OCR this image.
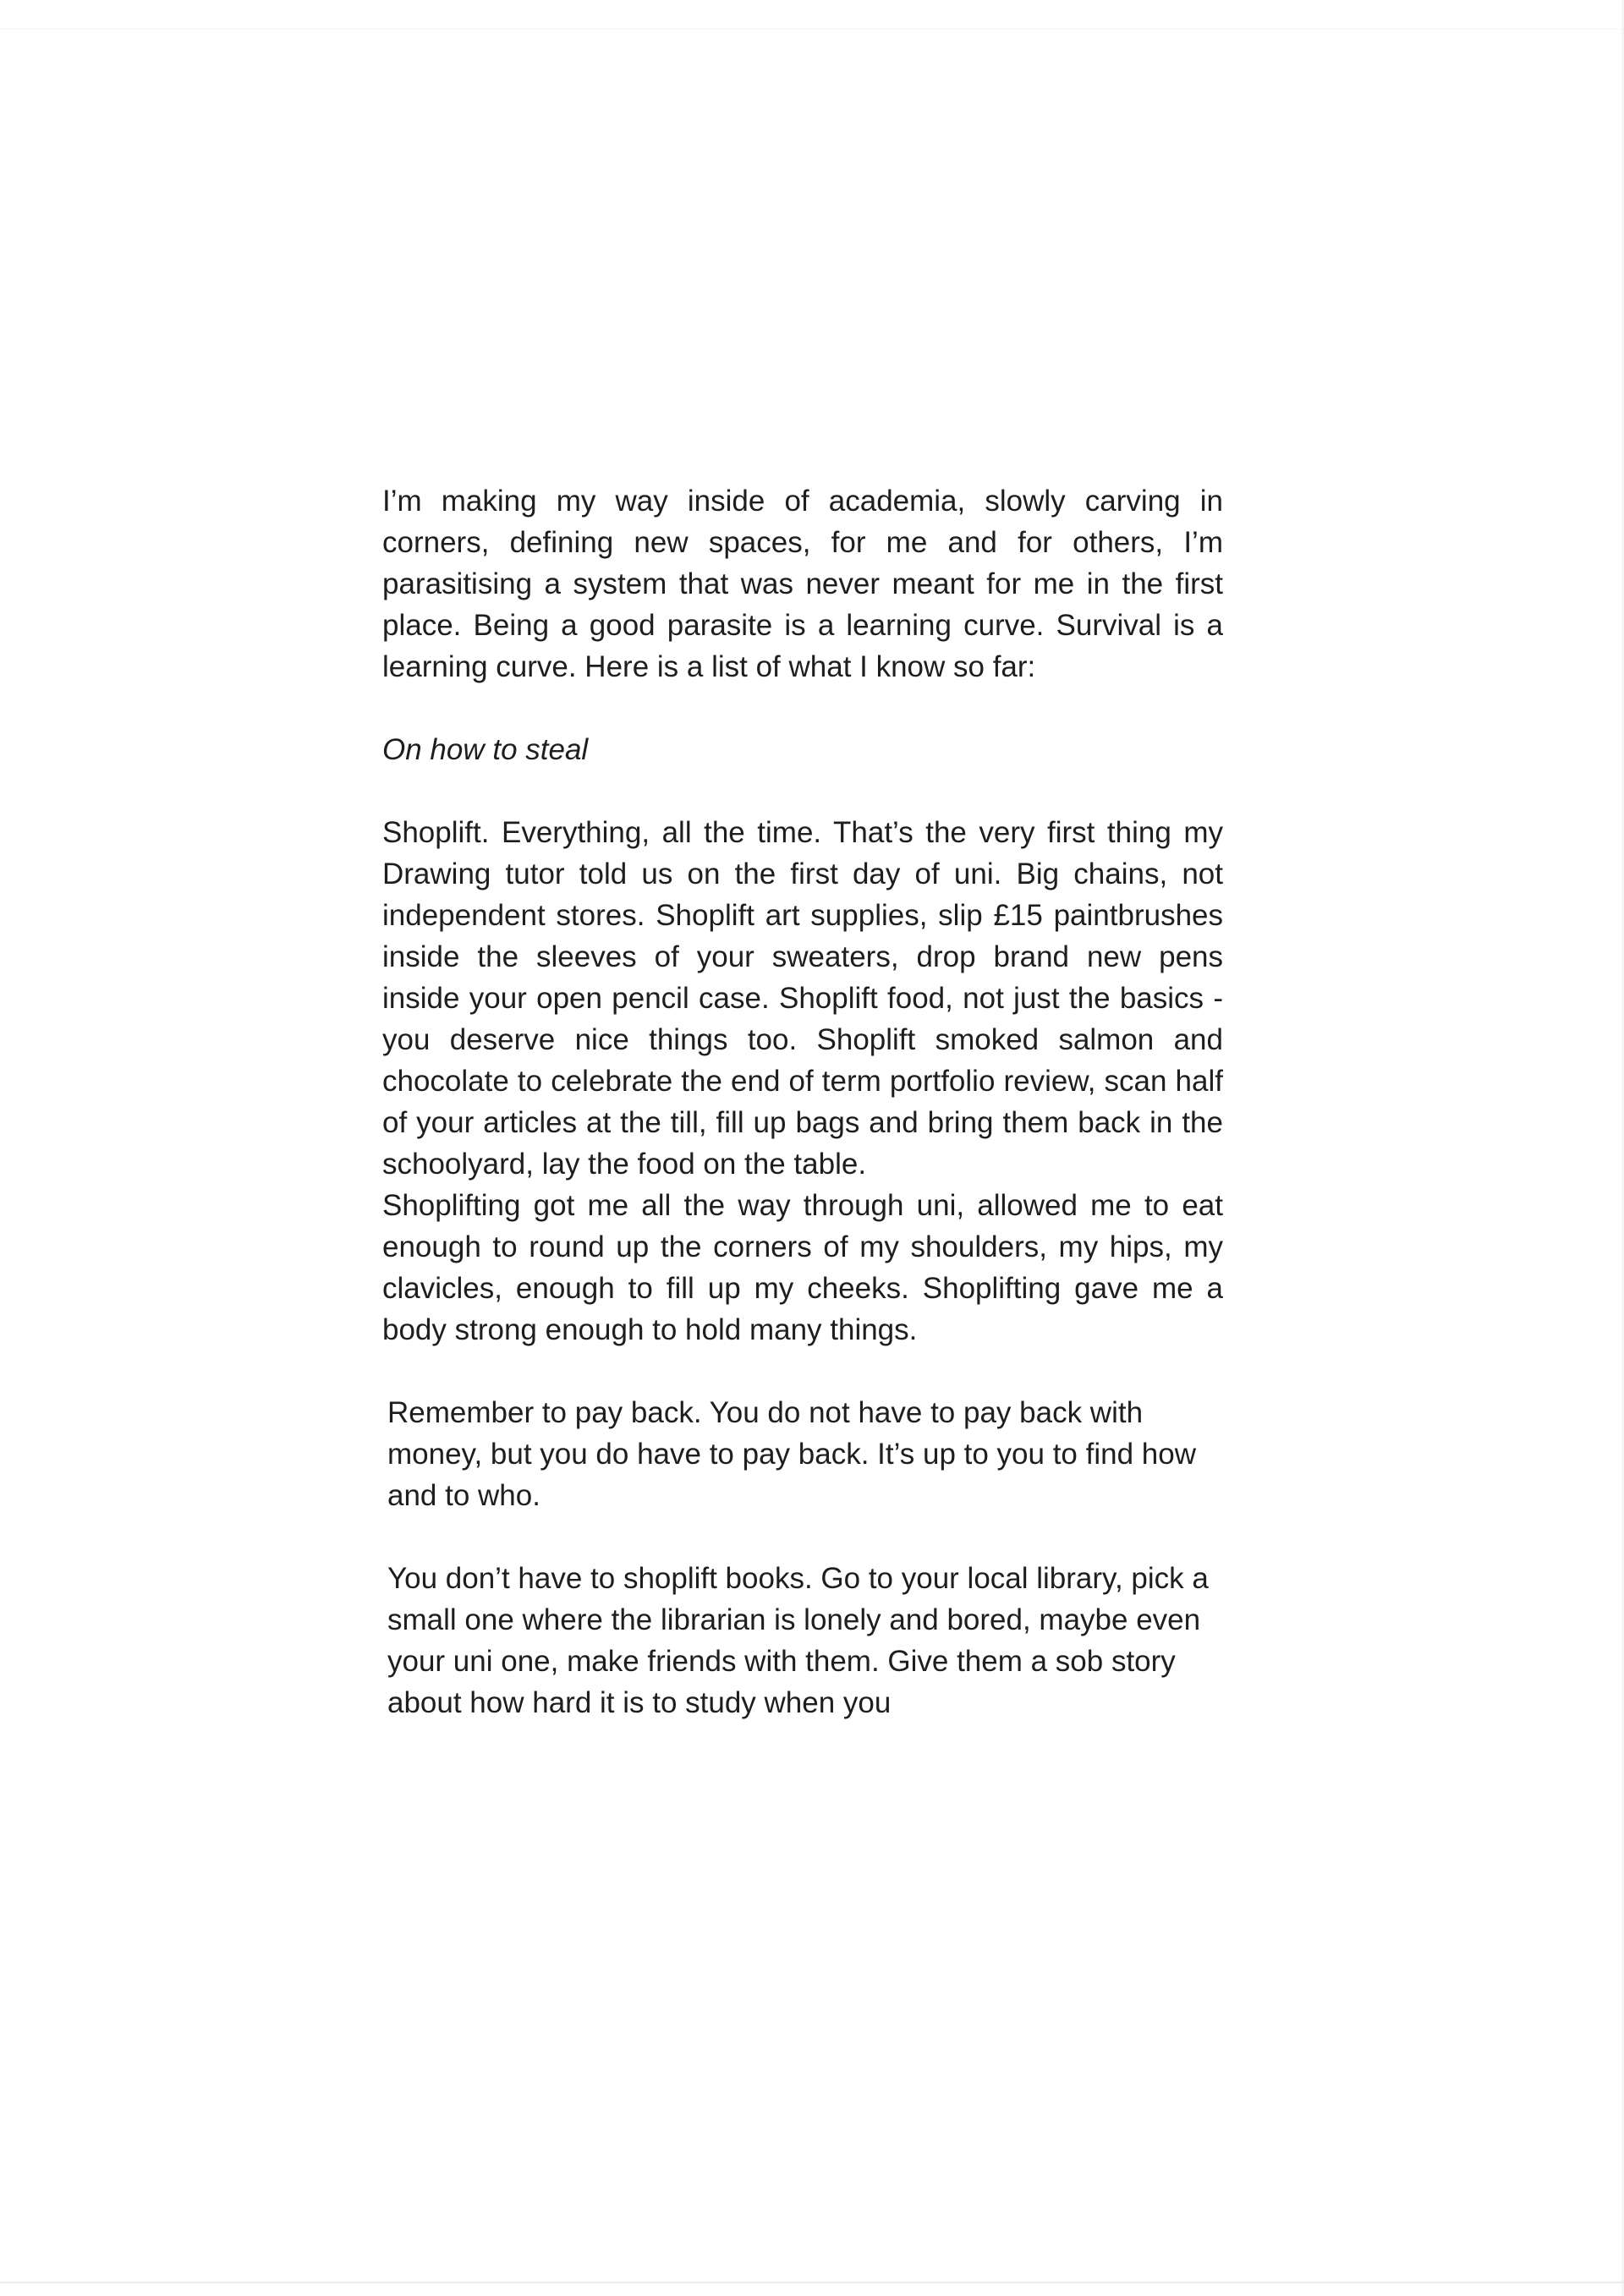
I’m making my way inside of academia, slowly carving in corners, defining new spaces, for me and for others, I’m parasitising a system that was never meant for me in the first place. Being a good parasite is a learning curve. Survival is a learning curve. Here is a list of what I know so far:

On how to steal

Shoplift. Everything, all the time. That’s the very first thing my Drawing tutor told us on the first day of uni. Big chains, not independent stores. Shoplift art supplies, slip £15 paintbrushes inside the sleeves of your sweaters, drop brand new pens inside your open pencil case. Shoplift food, not just the basics - you deserve nice things too. Shoplift smoked salmon and chocolate to celebrate the end of term portfolio review, scan half of your articles at the till, fill up bags and bring them back in the schoolyard, lay the food on the table.

Shoplifting got me all the way through uni, allowed me to eat enough to round up the corners of my shoulders, my hips, my clavicles, enough to fill up my cheeks. Shoplifting gave me a body strong enough to hold many things.

Remember to pay back. You do not have to pay back with money, but you do have to pay back. It’s up to you to find how and to who.

You don’t have to shoplift books. Go to your local library, pick a small one where the librarian is lonely and bored, maybe even your uni one, make friends with them. Give them a sob story about how hard it is to study when you
